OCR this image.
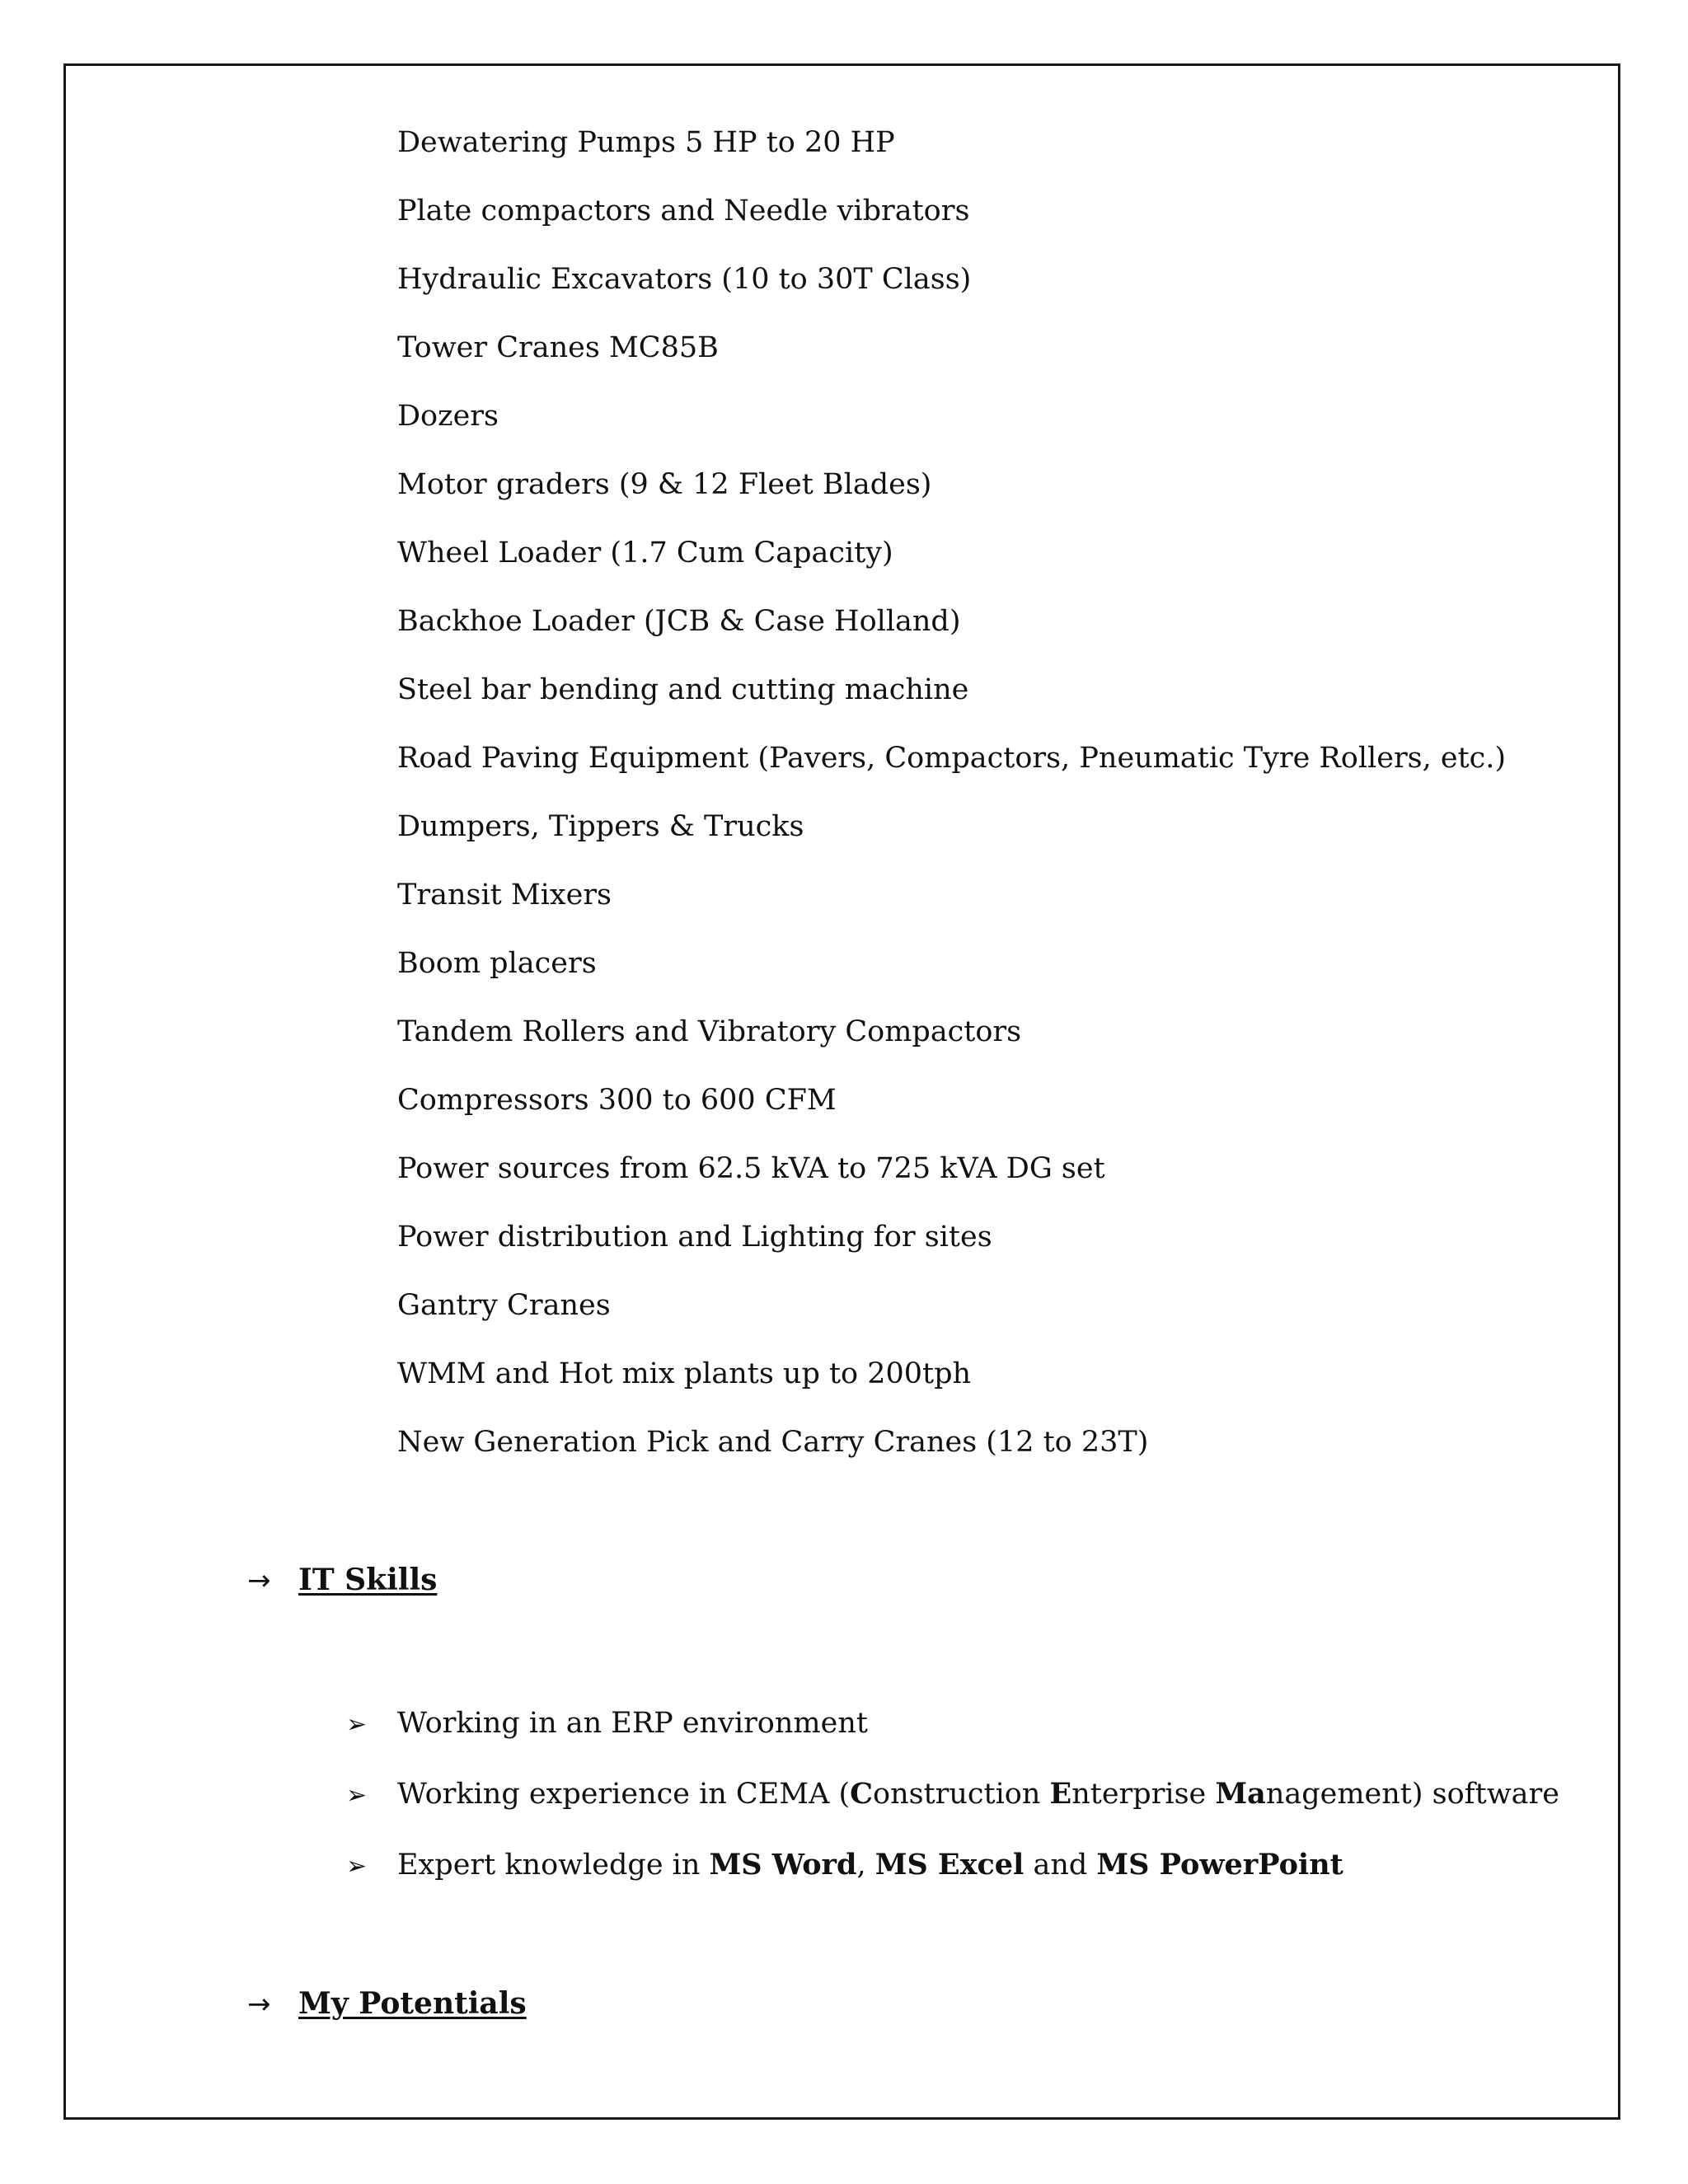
Dewatering Pumps 5 HP to 20 HP
Plate compactors and Needle vibrators
Hydraulic Excavators (10 to 30T Class)
Tower Cranes MC85B
Dozers
Motor graders (9 & 12 Fleet Blades)
Wheel Loader (1.7 Cum Capacity)
Backhoe Loader (JCB & Case Holland)
Steel bar bending and cutting machine
Road Paving Equipment (Pavers, Compactors, Pneumatic Tyre Rollers, etc.)
Dumpers, Tippers & Trucks
Transit Mixers
Boom placers
Tandem Rollers and Vibratory Compactors
Compressors 300 to 600 CFM
Power sources from 62.5 kVA to 725 kVA DG set
Power distribution and Lighting for sites
Gantry Cranes
WMM and Hot mix plants up to 200tph
New Generation Pick and Carry Cranes (12 to 23T)
→ IT Skills
➢ Working in an ERP environment
➢ Working experience in CEMA (Construction Enterprise Management) software
➢ Expert knowledge in MS Word, MS Excel and MS PowerPoint
→ My Potentials
